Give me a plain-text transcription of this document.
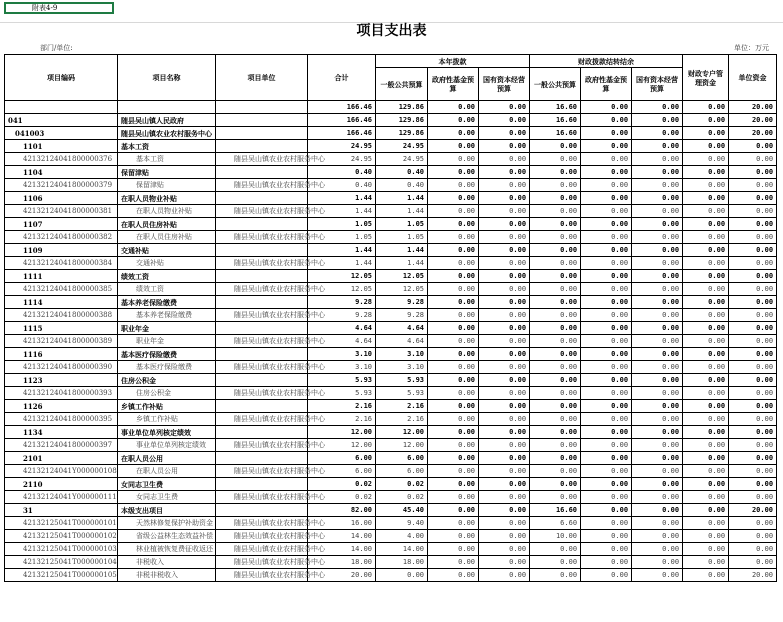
附表4-9
项目支出表
部门/单位:	单位：万元
项目编码	项目名称	项目单位	合计	本年拨款			财政拨款结转结余			财政专户管理资金	单位资金
				一般公共预算	政府性基金预算	国有资本经营预算	一般公共预算	政府性基金预算	国有资本经营预算		
			166.46	129.86	0.00	0.00	16.60	0.00	0.00	0.00	20.00
041	随县吴山镇人民政府		166.46	129.86	0.00	0.00	16.60	0.00	0.00	0.00	20.00
041003	随县吴山镇农业农村服务中心		166.46	129.86	0.00	0.00	16.60	0.00	0.00	0.00	20.00
1101	基本工资		24.95	24.95	0.00	0.00	0.00	0.00	0.00	0.00	0.00
42132124041800000376	基本工资	随县吴山镇农业农村服务中心	24.95	24.95	0.00	0.00	0.00	0.00	0.00	0.00	0.00
1104	保留津贴		0.40	0.40	0.00	0.00	0.00	0.00	0.00	0.00	0.00
42132124041800000379	保留津贴	随县吴山镇农业农村服务中心	0.40	0.40	0.00	0.00	0.00	0.00	0.00	0.00	0.00
1106	在职人员物业补贴		1.44	1.44	0.00	0.00	0.00	0.00	0.00	0.00	0.00
42132124041800000381	在职人员物业补贴	随县吴山镇农业农村服务中心	1.44	1.44	0.00	0.00	0.00	0.00	0.00	0.00	0.00
1107	在职人员住房补贴		1.05	1.05	0.00	0.00	0.00	0.00	0.00	0.00	0.00
42132124041800000382	在职人员住房补贴	随县吴山镇农业农村服务中心	1.05	1.05	0.00	0.00	0.00	0.00	0.00	0.00	0.00
1109	交通补贴		1.44	1.44	0.00	0.00	0.00	0.00	0.00	0.00	0.00
42132124041800000384	交通补贴	随县吴山镇农业农村服务中心	1.44	1.44	0.00	0.00	0.00	0.00	0.00	0.00	0.00
1111	绩效工资		12.05	12.05	0.00	0.00	0.00	0.00	0.00	0.00	0.00
42132124041800000385	绩效工资	随县吴山镇农业农村服务中心	12.05	12.05	0.00	0.00	0.00	0.00	0.00	0.00	0.00
1114	基本养老保险缴费		9.28	9.28	0.00	0.00	0.00	0.00	0.00	0.00	0.00
42132124041800000388	基本养老保险缴费	随县吴山镇农业农村服务中心	9.28	9.28	0.00	0.00	0.00	0.00	0.00	0.00	0.00
1115	职业年金		4.64	4.64	0.00	0.00	0.00	0.00	0.00	0.00	0.00
42132124041800000389	职业年金	随县吴山镇农业农村服务中心	4.64	4.64	0.00	0.00	0.00	0.00	0.00	0.00	0.00
1116	基本医疗保险缴费		3.10	3.10	0.00	0.00	0.00	0.00	0.00	0.00	0.00
42132124041800000390	基本医疗保险缴费	随县吴山镇农业农村服务中心	3.10	3.10	0.00	0.00	0.00	0.00	0.00	0.00	0.00
1123	住房公积金		5.93	5.93	0.00	0.00	0.00	0.00	0.00	0.00	0.00
42132124041800000393	住房公积金	随县吴山镇农业农村服务中心	5.93	5.93	0.00	0.00	0.00	0.00	0.00	0.00	0.00
1126	乡镇工作补贴		2.16	2.16	0.00	0.00	0.00	0.00	0.00	0.00	0.00
42132124041800000395	乡镇工作补贴	随县吴山镇农业农村服务中心	2.16	2.16	0.00	0.00	0.00	0.00	0.00	0.00	0.00
1134	事业单位单列核定绩效		12.00	12.00	0.00	0.00	0.00	0.00	0.00	0.00	0.00
42132124041800000397	事业单位单列核定绩效	随县吴山镇农业农村服务中心	12.00	12.00	0.00	0.00	0.00	0.00	0.00	0.00	0.00
2101	在职人员公用		6.00	6.00	0.00	0.00	0.00	0.00	0.00	0.00	0.00
42132124041Y000000108	在职人员公用	随县吴山镇农业农村服务中心	6.00	6.00	0.00	0.00	0.00	0.00	0.00	0.00	0.00
2110	女同志卫生费		0.02	0.02	0.00	0.00	0.00	0.00	0.00	0.00	0.00
42132124041Y000000111	女同志卫生费	随县吴山镇农业农村服务中心	0.02	0.02	0.00	0.00	0.00	0.00	0.00	0.00	0.00
31	本级支出项目		82.00	45.40	0.00	0.00	16.60	0.00	0.00	0.00	20.00
42132125041T000000101	天然林修复保护补助资金	随县吴山镇农业农村服务中心	16.00	9.40	0.00	0.00	6.60	0.00	0.00	0.00	0.00
42132125041T000000102	省级公益林生态效益补偿	随县吴山镇农业农村服务中心	14.00	4.00	0.00	0.00	10.00	0.00	0.00	0.00	0.00
42132125041T000000103	林业植被恢复费征收返还	随县吴山镇农业农村服务中心	14.00	14.00	0.00	0.00	0.00	0.00	0.00	0.00	0.00
42132125041T000000104	非税收入	随县吴山镇农业农村服务中心	18.00	18.00	0.00	0.00	0.00	0.00	0.00	0.00	0.00
42132125041T000000105	非税非税收入	随县吴山镇农业农村服务中心	20.00	0.00	0.00	0.00	0.00	0.00	0.00	0.00	20.00
